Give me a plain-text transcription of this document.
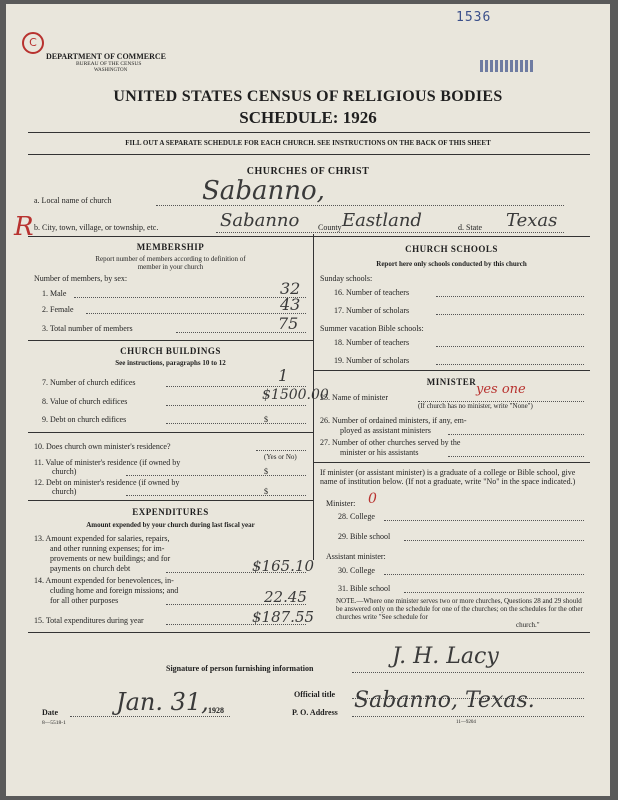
C
R
1536
DEPARTMENT OF COMMERCE
BUREAU OF THE CENSUS
WASHINGTON
UNITED STATES CENSUS OF RELIGIOUS BODIES
SCHEDULE: 1926
FILL OUT A SEPARATE SCHEDULE FOR EACH CHURCH. SEE INSTRUCTIONS ON THE BACK OF THIS SHEET
CHURCHES OF CHRIST
a. Local name of church	Sabanno,
b. City, town, village, or township, etc.	Sabanno County Eastland	d. State Texas
MEMBERSHIP
Report number of members according to definition of
member in your church
Number of members, by sex:
1. Male	32
2. Female	43
3. Total number of members	75
CHURCH BUILDINGS
See instructions, paragraphs 10 to 12
7. Number of church edifices	1
8. Value of church edifices	$1500.00
9. Debt on church edifices	$
10. Does church own minister's residence?
(Yes or No)
11. Value of minister's residence (if owned by
church)	$
12. Debt on minister's residence (if owned by
church)	$
EXPENDITURES
Amount expended by your church during last fiscal year
13. Amount expended for salaries, repairs,
and other running expenses; for im-
provements or new buildings; and for
payments on church debt	$165.10
14. Amount expended for benevolences, in-
cluding home and foreign missions; and
for all other purposes	22.45
15. Total expenditures during year	$187.55
CHURCH SCHOOLS
Report here only schools conducted by this church
Sunday schools:
16. Number of teachers
17. Number of scholars
Summer vacation Bible schools:
18. Number of teachers
19. Number of scholars
MINISTER
25. Name of minister
yes one
(If church has no minister, write "None")
26. Number of ordained ministers, if any, em-
ployed as assistant ministers
27. Number of other churches served by the
minister or his assistants
If minister (or assistant minister) is a graduate of a college or Bible school, give name of institution below. (If not a graduate, write "No" in the space indicated.)
Minister: 0
28. College
29. Bible school
Assistant minister:
30. College
31. Bible school
NOTE.—Where one minister serves two or more churches, Questions 28 and 29 should be answered only on the schedule for one of the churches; on the schedules for the other churches write "See schedule for
church."
Signature of person furnishing information	J. H. Lacy
Official title
Date Jan. 31, 1928
8—5518-1
P. O. Address Sabanno, Texas.
11—9204
